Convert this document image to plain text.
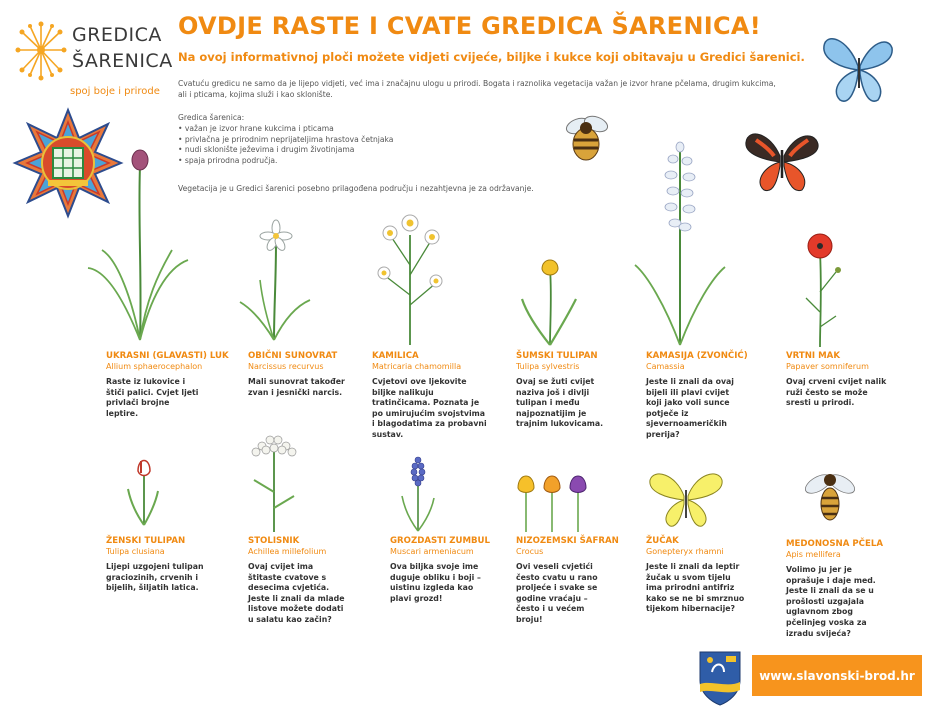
GREDICA
ŠARENICA
spoj boje i prirode
OVDJE RASTE I CVATE GREDICA ŠARENICA!
Na ovoj informativnoj ploči možete vidjeti cvijeće, biljke i kukce koji obitavaju u Gredici šarenici.
Cvatuću gredicu ne samo da je lijepo vidjeti, već ima i značajnu ulogu u prirodi. Bogata i raznolika vegetacija važan je izvor hrane pčelama, drugim kukcima, ali i pticama, kojima služi i kao sklonište.
Gredica šarenica:
• važan je izvor hrane kukcima i pticama
• privlačna je prirodnim neprijateljima hrastova četnjaka
• nudi sklonište ježevima i drugim životinjama
• spaja prirodna područja.
Vegetacija je u Gredici šarenici posebno prilagođena području i nezahtjevna je za održavanje.
UKRASNI (GLAVASTI) LUK
Allium sphaerocephalon
Raste iz lukovice i štiči palici. Cvjet ljeti privlači brojne leptire.
OBIČNI SUNOVRAT
Narcissus recurvus
Mali sunovrat također zvan i jesnički narcis.
KAMILICA
Matricaria chamomilla
Cvjetovi ove ljekovite biljke nalikuju tratinčicama. Poznata je po umirujućim svojstvima i blagodatima za probavni sustav.
ŠUMSKI TULIPAN
Tulipa sylvestris
Ovaj se žuti cvijet naziva još i divlji tulipan i među najpoznatijim je trajnim lukovicama.
KAMASIJA (ZVONČIĆ)
Camassia
Jeste li znali da ovaj bijeli ili plavi cvijet koji jako voli sunce potječe iz sjevernoameričkih prerija?
VRTNI MAK
Papaver somniferum
Ovaj crveni cvijet nalik ruži često se može sresti u prirodi.
ŽENSKI TULIPAN
Tulipa clusiana
Lijepi uzgojeni tulipan graciozinih, crvenih i bijelih, šiljatih latica.
STOLISNIK
Achillea millefolium
Ovaj cvijet ima štitaste cvatove s desecima cvjetića. Jeste li znali da mlade listove možete dodati u salatu kao začin?
GROZDASTI ZUMBUL
Muscari armeniacum
Ova biljka svoje ime duguje obliku i boji – uistinu izgleda kao plavi grozd!
NIZOZEMSKI ŠAFRAN
Crocus
Ovi veseli cvjetići često cvatu u rano proljeće i svake se godine vraćaju – često i u većem broju!
ŽUČAK
Gonepteryx rhamni
Jeste li znali da leptir žučak u svom tijelu ima prirodni antifriz kako se ne bi smrznuo tijekom hibernacije?
MEDONOSNA PČELA
Apis mellifera
Volimo ju jer je oprašuje i daje med. Jeste li znali da se u prošlosti uzgajala uglavnom zbog pčelinjeg voska za izradu svijeća?
www.slavonski-brod.hr
